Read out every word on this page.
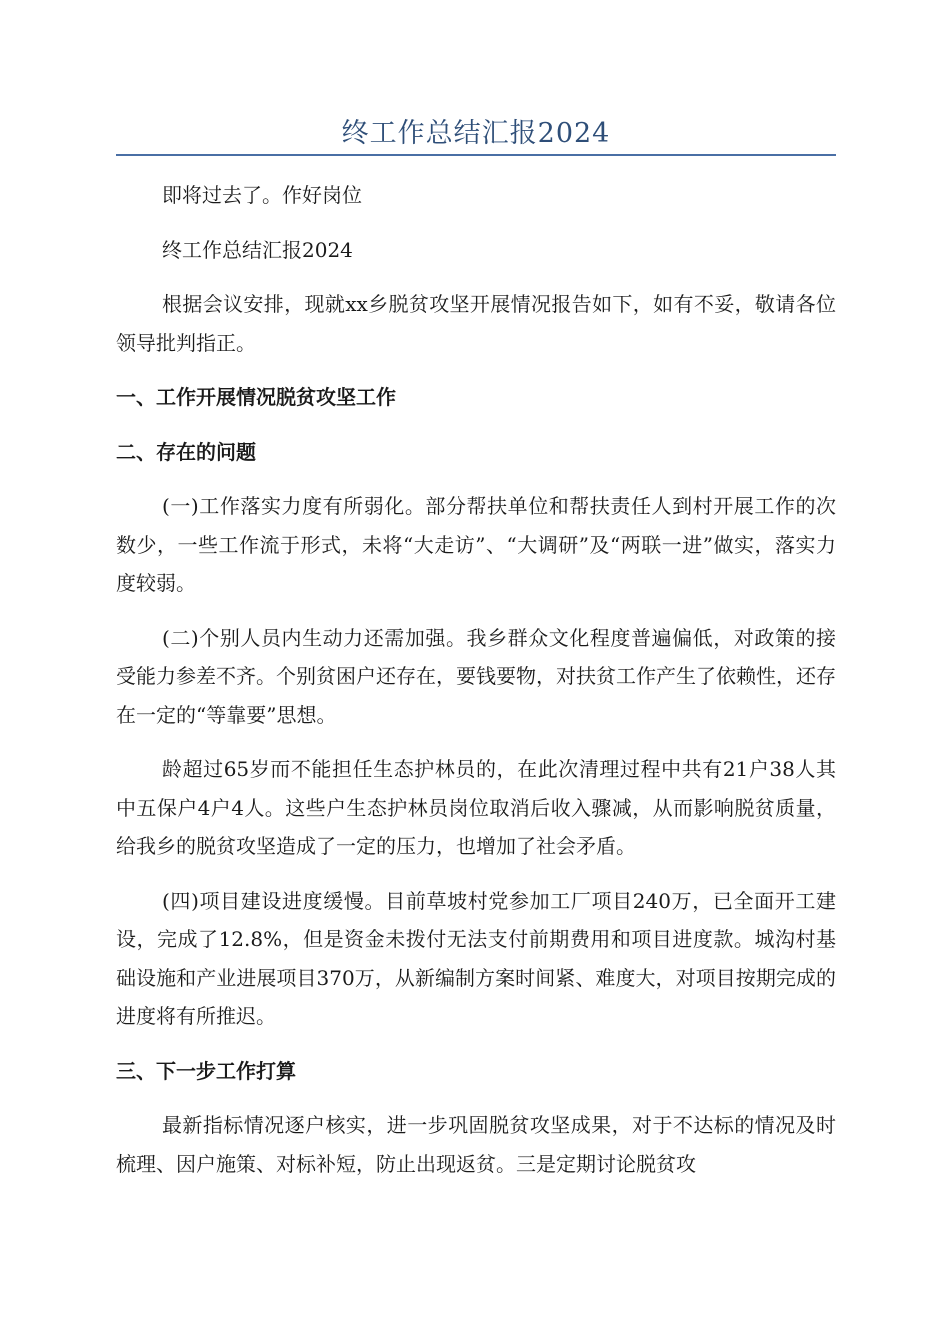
终工作总结汇报2024

即将过去了。作好岗位

终工作总结汇报2024

根据会议安排，现就xx乡脱贫攻坚开展情况报告如下，如有不妥，敬请各位领导批判指正。

一、工作开展情况脱贫攻坚工作

二、存在的问题

(一)工作落实力度有所弱化。部分帮扶单位和帮扶责任人到村开展工作的次数少，一些工作流于形式，未将“大走访”、“大调研”及“两联一进”做实，落实力度较弱。

(二)个别人员内生动力还需加强。我乡群众文化程度普遍偏低，对政策的接受能力参差不齐。个别贫困户还存在，要钱要物，对扶贫工作产生了依赖性，还存在一定的“等靠要”思想。

龄超过65岁而不能担任生态护林员的，在此次清理过程中共有21户38人其中五保户4户4人。这些户生态护林员岗位取消后收入骤减，从而影响脱贫质量，给我乡的脱贫攻坚造成了一定的压力，也增加了社会矛盾。

(四)项目建设进度缓慢。目前草坡村党参加工厂项目240万，已全面开工建设，完成了12.8%，但是资金未拨付无法支付前期费用和项目进度款。城沟村基础设施和产业进展项目370万，从新编制方案时间紧、难度大，对项目按期完成的进度将有所推迟。

三、下一步工作打算

最新指标情况逐户核实，进一步巩固脱贫攻坚成果，对于不达标的情况及时梳理、因户施策、对标补短，防止出现返贫。三是定期讨论脱贫攻
